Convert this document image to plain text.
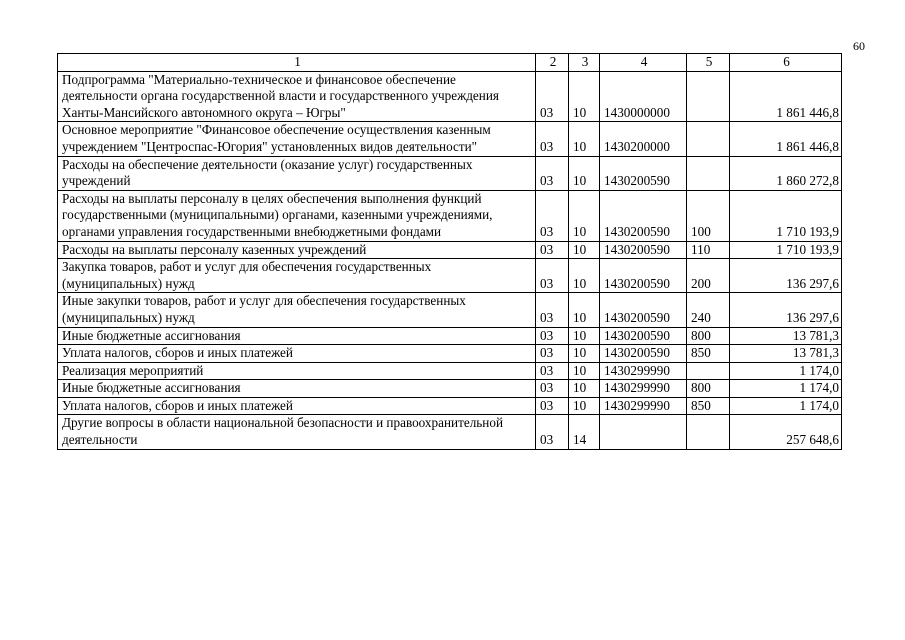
60
1	2	3	4	5	6
Подпрограмма "Материально-техническое и финансовое обеспечение деятельности органа государственной власти и государственного учреждения Ханты-Мансийского автономного округа – Югры"	03	10	1430000000		1 861 446,8
Основное мероприятие "Финансовое обеспечение осуществления казенным учреждением "Центроспас-Югория" установленных видов деятельности"	03	10	1430200000		1 861 446,8
Расходы на обеспечение деятельности (оказание услуг) государственных учреждений	03	10	1430200590		1 860 272,8
Расходы на выплаты персоналу в целях обеспечения выполнения функций государственными (муниципальными) органами, казенными учреждениями, органами управления государственными внебюджетными фондами	03	10	1430200590	100	1 710 193,9
Расходы на выплаты персоналу казенных учреждений	03	10	1430200590	110	1 710 193,9
Закупка товаров, работ и услуг для обеспечения государственных (муниципальных) нужд	03	10	1430200590	200	136 297,6
Иные закупки товаров, работ и услуг для обеспечения государственных (муниципальных) нужд	03	10	1430200590	240	136 297,6
Иные бюджетные ассигнования	03	10	1430200590	800	13 781,3
Уплата налогов, сборов и иных платежей	03	10	1430200590	850	13 781,3
Реализация мероприятий	03	10	1430299990		1 174,0
Иные бюджетные ассигнования	03	10	1430299990	800	1 174,0
Уплата налогов, сборов и иных платежей	03	10	1430299990	850	1 174,0
Другие вопросы в области национальной безопасности и правоохранительной деятельности	03	14			257 648,6
